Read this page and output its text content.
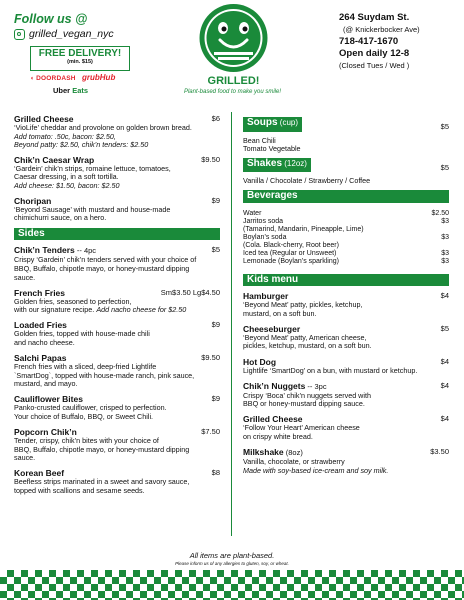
Follow us @
grilled_vegan_nyc
FREE DELIVERY!
(min. $15)
◖ DOORDASH grubHub
Uber Eats
GRILLED!
Plant-based food to make you smile!
264 Suydam St.
(@ Knickerbocker Ave)
718-417-1670
Open daily 12-8
(Closed Tues / Wed )
Grilled Cheese	$6
‘VioLife’ cheddar and provolone on golden brown bread.
Add tomato: .50c, bacon: $2.50,
Beyond patty: $2.50, chik’n tenders: $2.50
Chik’n Caesar Wrap	$9.50
‘Gardein’ chik’n strips, romaine lettuce, tomatoes,
Caesar dressing, in a soft tortilla.
Add cheese: $1.50, bacon: $2.50
Choripan	$9
‘Beyond Sausage’ with mustard and house-made
chimichurri sauce, on a hero.
Sides
Chik’n Tenders -- 4pc	$5
Crispy ‘Gardein’ chik’n tenders served with your choice of
BBQ, Buffalo, chipotle mayo, or honey-mustard dipping
sauce.
French Fries	Sm$3.50 Lg$4.50
Golden fries, seasoned to perfection,
with our signature recipe. Add nacho cheese for $2.50
Loaded Fries	$9
Golden fries, topped with house-made chili
and nacho cheese.
Salchi Papas	$9.50
French fries with a sliced, deep-fried Lightlife
`SmartDog`, topped with house-made ranch, pink sauce,
mustard, and mayo.
Cauliflower Bites	$9
Panko-crusted cauliflower, crisped to perfection.
Your choice of Buffalo, BBQ, or Sweet Chili.
Popcorn Chik’n	$7.50
Tender, crispy, chik’n bites with your choice of
BBQ, Buffalo, chipotle mayo, or honey-mustard dipping
sauce.
Korean Beef	$8
Beefless strips marinated in a sweet and savory sauce,
topped with scallions and sesame seeds.
Soups (cup)	$5
Bean Chili
Tomato Vegetable
Shakes (12oz)	$5
Vanilla / Chocolate / Strawberry / Coffee
Beverages
Water	$2.50
Jarritos soda	$3
(Tamarind, Mandarin, Pineapple, Lime)
Boylan’s soda	$3
(Cola. Black-cherry, Root beer)
Iced tea (Regular or Unsweet)	$3
Lemonade (Boylan’s sparkling)	$3
Kids menu
Hamburger	$4
‘Beyond Meat’ patty, pickles, ketchup,
mustard, on a soft bun.
Cheeseburger	$5
‘Beyond Meat’ patty, American cheese,
pickles, ketchup, mustard, on a soft bun.
Hot Dog	$4
Lightlife ‘SmartDog’ on a bun, with mustard or ketchup.
Chik’n Nuggets -- 3pc	$4
Crispy ‘Boca’ chik’n nuggets served with
BBQ or honey-mustard dipping sauce.
Grilled Cheese	$4
‘Follow Your Heart’ American cheese
on crispy white bread.
Milkshake (8oz)	$3.50
Vanilla, chocolate, or strawberry
Made with soy-based ice-cream and soy milk.
All items are plant-based.
Please inform us of any allergies to gluten, soy, or wheat.
